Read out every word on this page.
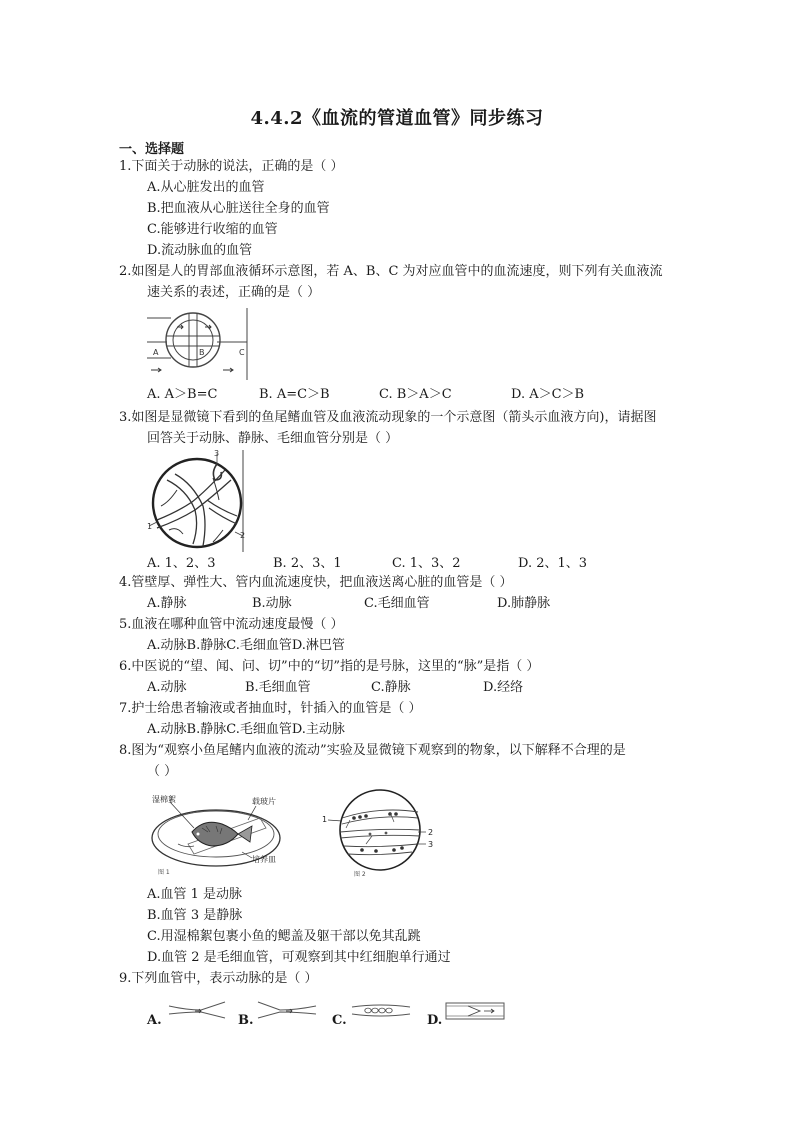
4.4.2《血流的管道血管》同步练习
一、选择题
1.下面关于动脉的说法，正确的是（ ）
A.从心脏发出的血管
B.把血液从心脏送往全身的血管
C.能够进行收缩的血管
D.流动脉血的血管
2.如图是人的胃部血液循环示意图，若 A、B、C 为对应血管中的血流速度，则下列有关血液流
速关系的表述，正确的是（ ）
A	B	C
A. A＞B=C	B. A=C＞B	C. B＞A＞C	D. A＞C＞B
3.如图是显微镜下看到的鱼尾鳍血管及血液流动现象的一个示意图（箭头示血液方向)，请据图
回答关于动脉、静脉、毛细血管分别是（ ）
1
2
3
A. 1、2、3	B. 2、3、1	C. 1、3、2	D. 2、1、3
4.管壁厚、弹性大、管内血流速度快，把血液送离心脏的血管是（ ）
A.静脉	B.动脉	C.毛细血管	D.肺静脉
5.血液在哪种血管中流动速度最慢（ ）
A.动脉B.静脉C.毛细血管D.淋巴管
6.中医说的“望、闻、问、切”中的“切”指的是号脉，这里的“脉”是指（ ）
A.动脉	B.毛细血管	C.静脉	D.经络
7.护士给患者输液或者抽血时，针插入的血管是（ ）
A.动脉B.静脉C.毛细血管D.主动脉
8.图为“观察小鱼尾鳍内血液的流动”实验及显微镜下观察到的物象，以下解释不合理的是
（ ）
湿棉絮	载玻片
培养皿
图 1
1
2
3
图 2
A.血管 1 是动脉
B.血管 3 是静脉
C.用湿棉絮包裹小鱼的鳃盖及躯干部以免其乱跳
D.血管 2 是毛细血管，可观察到其中红细胞单行通过
9.下列血管中，表示动脉的是（ ）
A.	B.	C.	D.
